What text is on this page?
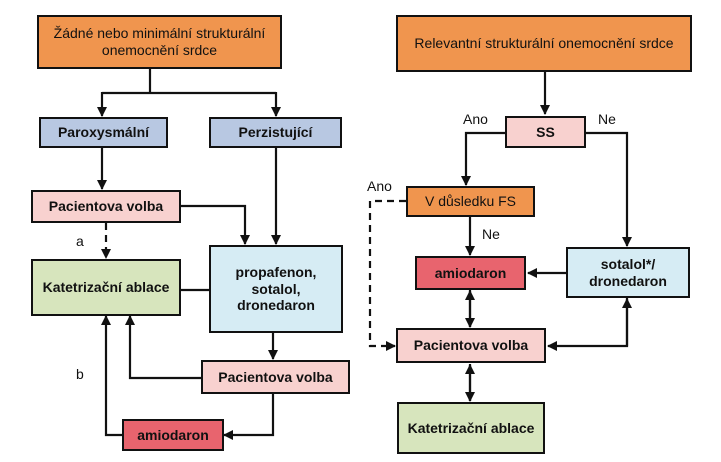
Žádné nebo minimální strukturální onemocnění srdce
Paroxysmální	Perzistující
Pacientova volba
Katetrizační ablace
propafenon, sotalol, dronedaron
Pacientova volba
amiodaron
a
b
Relevantní strukturální onemocnění srdce
SS
Ano	Ne
V důsledku FS
Ano
Ne
amiodaron
sotalol*/ dronedaron
Pacientova volba
Katetrizační ablace
